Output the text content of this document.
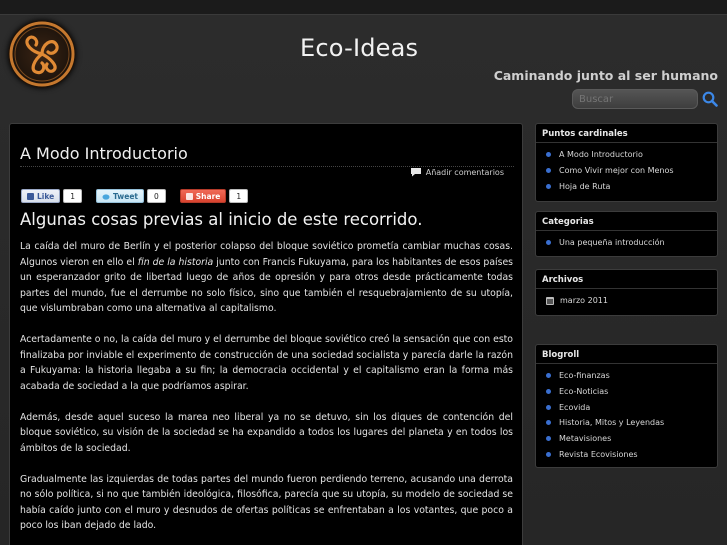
Eco-Ideas
Caminando junto al ser humano
Buscar
A Modo Introductorio
Añadir comentarios
Like	1	Tweet	0	Share	1
Algunas cosas previas al inicio de este recorrido.

La caída del muro de Berlín y el posterior colapso del bloque soviético prometía cambiar muchas cosas. Algunos vieron en ello el fin de la historia junto con Francis Fukuyama, para los habitantes de esos países un esperanzador grito de libertad luego de años de opresión y para otros desde prácticamente todas partes del mundo, fue el derrumbe no solo físico, sino que también el resquebrajamiento de su utopía, que vislumbraban como una alternativa al capitalismo.

Acertadamente o no, la caída del muro y el derrumbe del bloque soviético creó la sensación que con esto finalizaba por inviable el experimento de construcción de una sociedad socialista y parecía darle la razón a Fukuyama: la historia llegaba a su fin; la democracia occidental y el capitalismo eran la forma más acabada de sociedad a la que podríamos aspirar.

Además, desde aquel suceso la marea neo liberal ya no se detuvo, sin los diques de contención del bloque soviético, su visión de la sociedad se ha expandido a todos los lugares del planeta y en todos los ámbitos de la sociedad.

Gradualmente las izquierdas de todas partes del mundo fueron perdiendo terreno, acusando una derrota no sólo política, si no que también ideológica, filosófica, parecía que su utopía, su modelo de sociedad se había caído junto con el muro y desnudos de ofertas políticas se enfrentaban a los votantes, que poco a poco los iban dejado de lado.

Puntos cardinales
A Modo Introductorio
Como Vivir mejor con Menos
Hoja de Ruta
Categorias
Una pequeña introducción
Archivos
marzo 2011
Blogroll
Eco-finanzas
Eco-Noticias
Ecovida
Historia, Mitos y Leyendas
Metavisiones
Revista Ecovisiones
